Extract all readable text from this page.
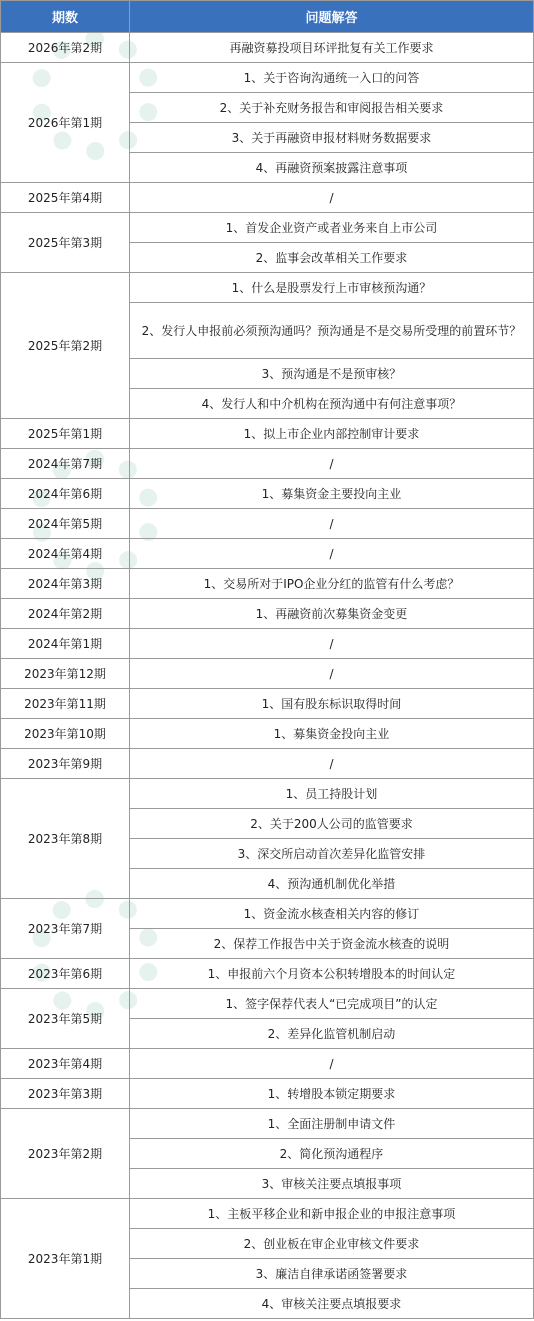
期数	问题解答
2026年第2期	再融资募投项目环评批复有关工作要求
2026年第1期	1、关于咨询沟通统一入口的问答
	2、关于补充财务报告和审阅报告相关要求
	3、关于再融资申报材料财务数据要求
	4、再融资预案披露注意事项
2025年第4期	/
2025年第3期	1、首发企业资产或者业务来自上市公司
	2、监事会改革相关工作要求
2025年第2期	1、什么是股票发行上市审核预沟通？
	2、发行人申报前必须预沟通吗？预沟通是不是交易所受理的前置环节？
	3、预沟通是不是预审核？
	4、发行人和中介机构在预沟通中有何注意事项？
2025年第1期	1、拟上市企业内部控制审计要求
2024年第7期	/
2024年第6期	1、募集资金主要投向主业
2024年第5期	/
2024年第4期	/
2024年第3期	1、交易所对于IPO企业分红的监管有什么考虑？
2024年第2期	1、再融资前次募集资金变更
2024年第1期	/
2023年第12期	/
2023年第11期	1、国有股东标识取得时间
2023年第10期	1、募集资金投向主业
2023年第9期	/
2023年第8期	1、员工持股计划
	2、关于200人公司的监管要求
	3、深交所启动首次差异化监管安排
	4、预沟通机制优化举措
2023年第7期	1、资金流水核查相关内容的修订
	2、保荐工作报告中关于资金流水核查的说明
2023年第6期	1、申报前六个月资本公积转增股本的时间认定
2023年第5期	1、签字保荐代表人“已完成项目”的认定
	2、差异化监管机制启动
2023年第4期	/
2023年第3期	1、转增股本锁定期要求
2023年第2期	1、全面注册制申请文件
	2、简化预沟通程序
	3、审核关注要点填报事项
2023年第1期	1、主板平移企业和新申报企业的申报注意事项
	2、创业板在审企业审核文件要求
	3、廉洁自律承诺函签署要求
	4、审核关注要点填报要求
